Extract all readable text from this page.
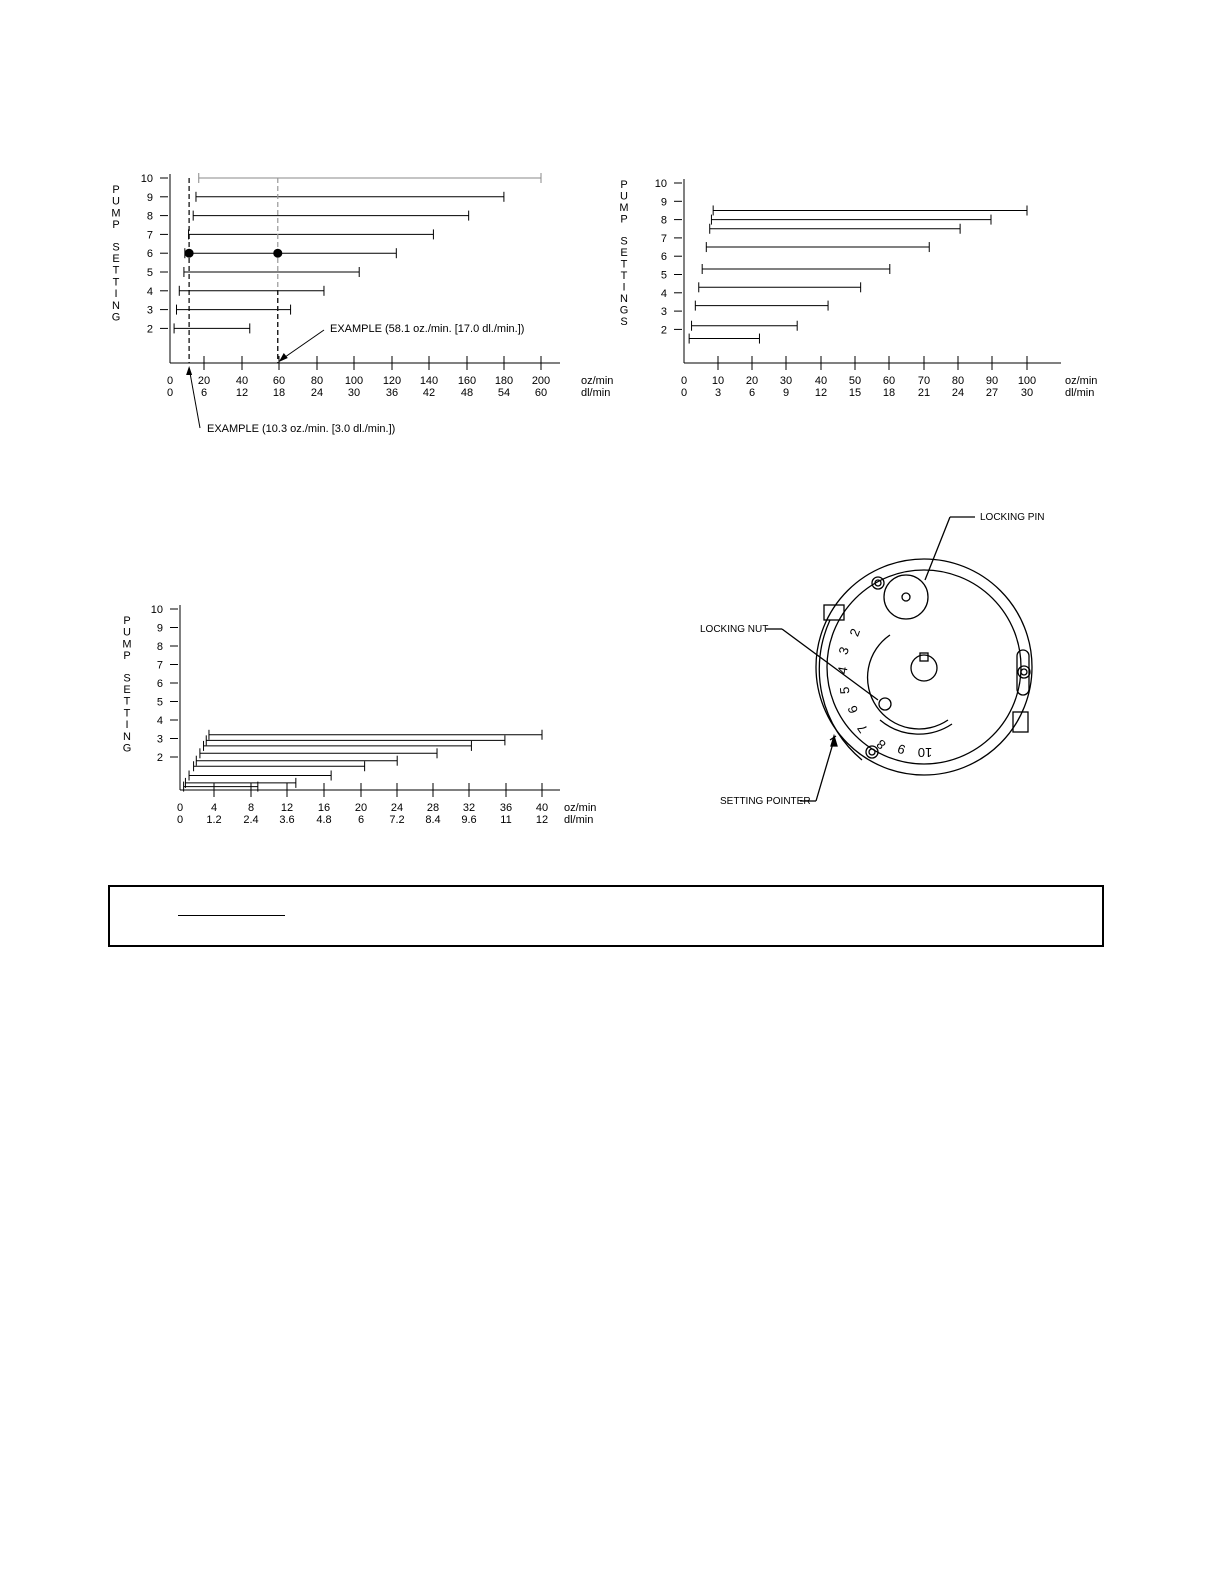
P
U
M
P
S
E
T
T
I
N
G
2
3
4
5
6
7
8
9
10
0
0
20
6
40
12
60
18
80
24
100
30
120
36
140
42
160
48
180
54
200
60
oz/min
dl/min
EXAMPLE (58.1 oz./min. [17.0 dl./min.])
EXAMPLE (10.3 oz./min. [3.0 dl./min.])
P
U
M
P
S
E
T
T
I
N
G
S
2
3
4
5
6
7
8
9
10
0
0
10
3
20
6
30
9
40
12
50
15
60
18
70
21
80
24
90
27
100
30
oz/min
dl/min
P
U
M
P
S
E
T
T
I
N
G
2
3
4
5
6
7
8
9
10
0
0
4
1.2
8
2.4
12
3.6
16
4.8
20
6
24
7.2
28
8.4
32
9.6
36
11
40
12
oz/min
dl/min
2
3
4
5
6
7
8 9 10
LOCKING PIN
LOCKING NUT
SETTING POINTER
